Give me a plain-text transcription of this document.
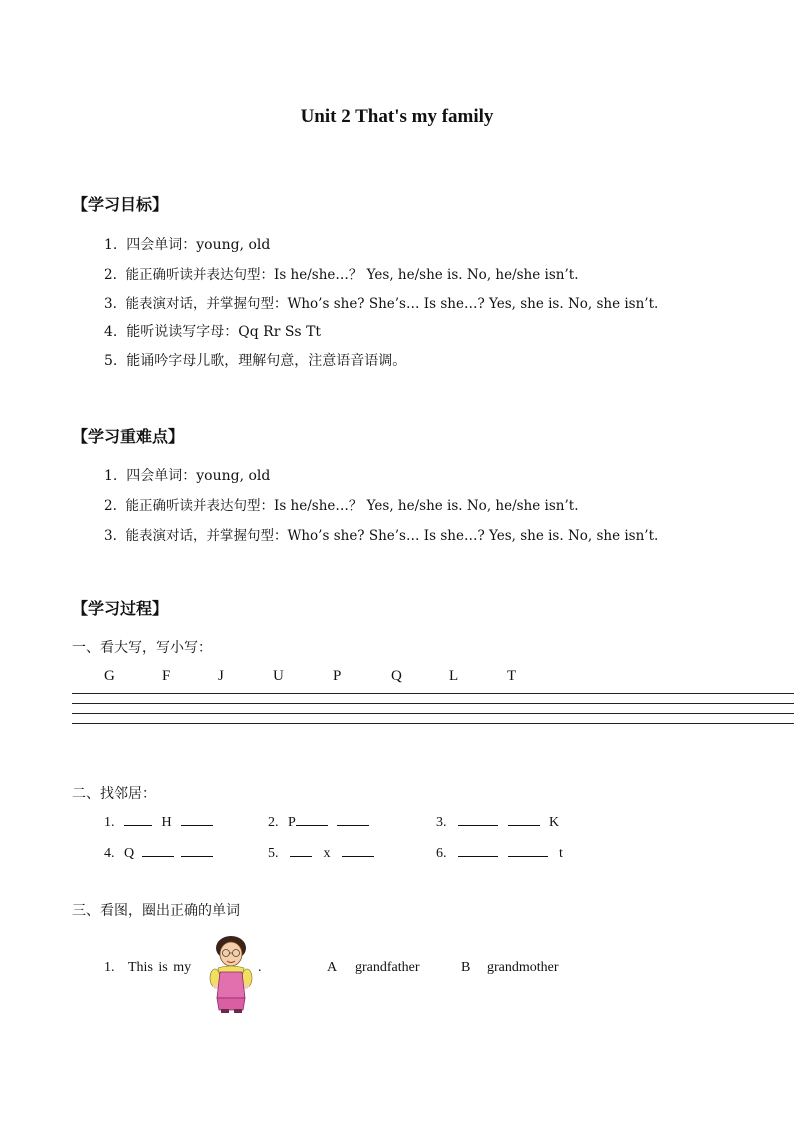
Unit 2 That's my family
【学习目标】
1. 四会单词：young, old
2. 能正确听读并表达句型：Is he/she…？ Yes, he/she is. No, he/she isn’t.
3. 能表演对话，并掌握句型：Who’s she? She’s… Is she…? Yes, she is. No, she isn’t.
4. 能听说读写字母：Qq Rr Ss Tt
5. 能诵吟字母儿歌，理解句意，注意语音语调。
【学习重难点】
1. 四会单词：young, old
2. 能正确听读并表达句型：Is he/she…？ Yes, he/she is. No, he/she isn’t.
3. 能表演对话，并掌握句型：Who’s she? She’s… Is she…? Yes, she is. No, she isn’t.
【学习过程】
一、看大写，写小写：
G	F	J	U	P	Q	L	T
二、找邻居：
1.	H	2. P	3.	K
4. Q	5.	x	6.	t
三、看图，圈出正确的单词
1. This is my	.	A grandfather	B grandmother
